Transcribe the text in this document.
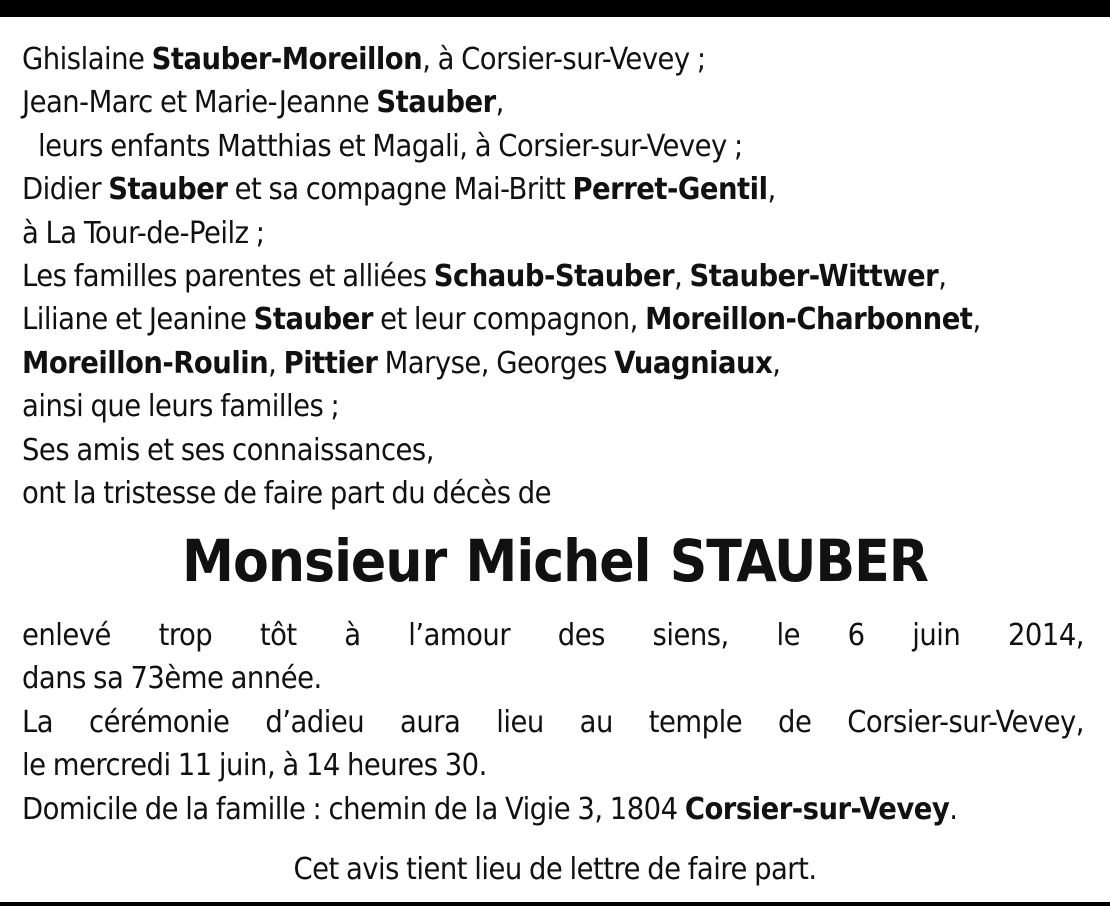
Ghislaine Stauber-Moreillon, à Corsier-sur-Vevey ;
Jean-Marc et Marie-Jeanne Stauber,
leurs enfants Matthias et Magali, à Corsier-sur-Vevey ;
Didier Stauber et sa compagne Mai-Britt Perret-Gentil,
à La Tour-de-Peilz ;
Les familles parentes et alliées Schaub-Stauber, Stauber-Wittwer,
Liliane et Jeanine Stauber et leur compagnon, Moreillon-Charbonnet,
Moreillon-Roulin, Pittier Maryse, Georges Vuagniaux,
ainsi que leurs familles ;
Ses amis et ses connaissances,
ont la tristesse de faire part du décès de
Monsieur Michel STAUBER
enlevé trop tôt à l’amour des siens, le 6 juin 2014,
dans sa 73ème année.
La cérémonie d’adieu aura lieu au temple de Corsier-sur-Vevey,
le mercredi 11 juin, à 14 heures 30.
Domicile de la famille : chemin de la Vigie 3, 1804 Corsier-sur-Vevey.
Cet avis tient lieu de lettre de faire part.
